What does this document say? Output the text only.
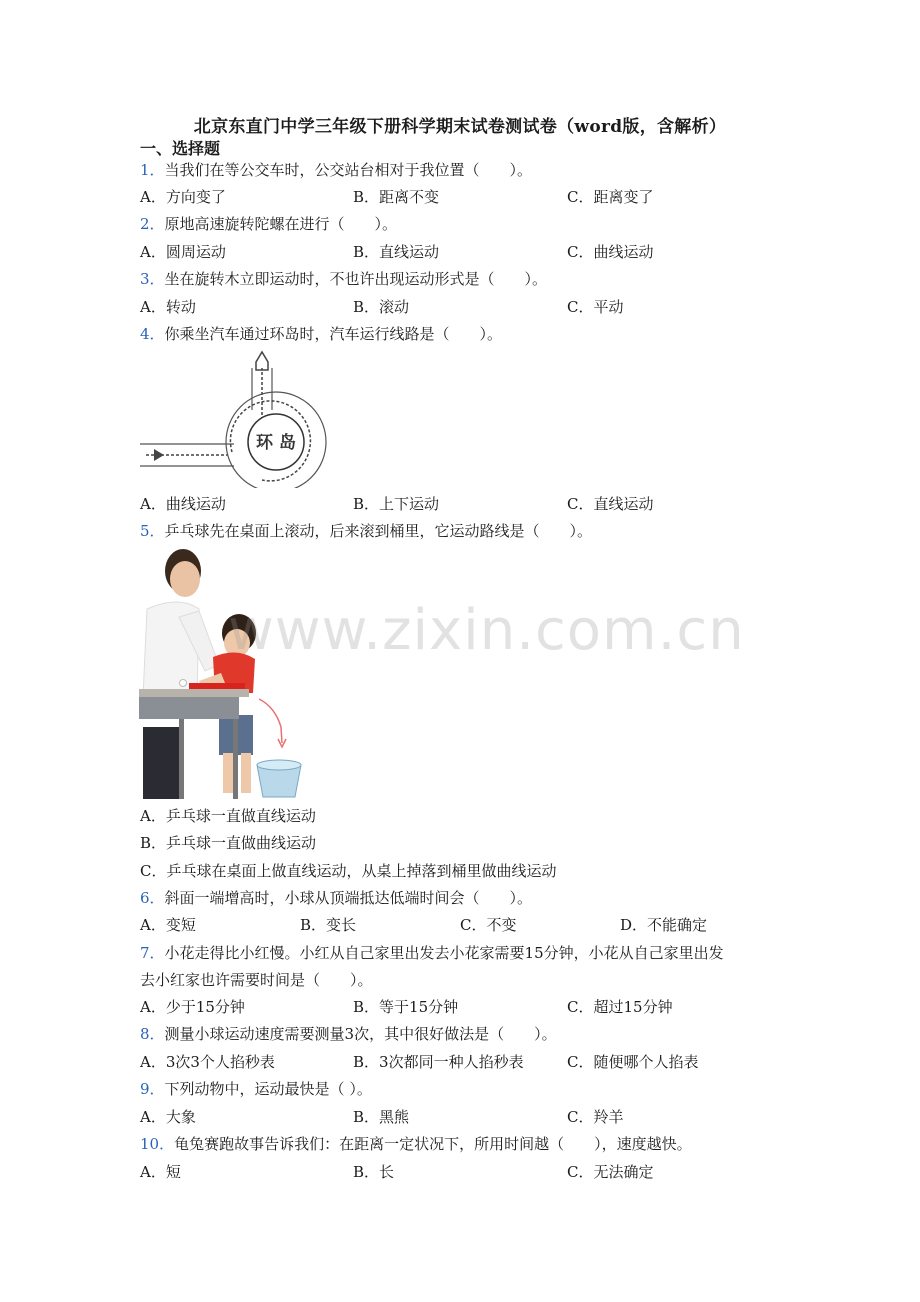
北京东直门中学三年级下册科学期末试卷测试卷（word版，含解析）
一、选择题
1．当我们在等公交车时，公交站台相对于我位置（　　）。
A．方向变了	B．距离不变	C．距离变了
2．原地高速旋转陀螺在进行（　　）。
A．圆周运动	B．直线运动	C．曲线运动
3．坐在旋转木立即运动时，不也许出现运动形式是（　　）。
A．转动	B．滚动	C．平动
4．你乘坐汽车通过环岛时，汽车运行线路是（　　）。
环 岛
A．曲线运动	B．上下运动	C．直线运动
5．乒乓球先在桌面上滚动，后来滚到桶里，它运动路线是（　　）。
www.zixin.com.cn
A．乒乓球一直做直线运动
B．乒乓球一直做曲线运动
C．乒乓球在桌面上做直线运动，从桌上掉落到桶里做曲线运动
6．斜面一端增高时，小球从顶端抵达低端时间会（　　）。
A．变短	B．变长	C．不变	D．不能确定
7．小花走得比小红慢。小红从自己家里出发去小花家需要15分钟，小花从自己家里出发
去小红家也许需要时间是（　　）。
A．少于15分钟	B．等于15分钟	C．超过15分钟
8．测量小球运动速度需要测量3次，其中很好做法是（　　）。
A．3次3个人掐秒表	B．3次都同一种人掐秒表	C．随便哪个人掐表
9．下列动物中，运动最快是（ ）。
A．大象	B．黑熊	C．羚羊
10．龟兔赛跑故事告诉我们：在距离一定状况下，所用时间越（　　），速度越快。
A．短	B．长	C．无法确定
